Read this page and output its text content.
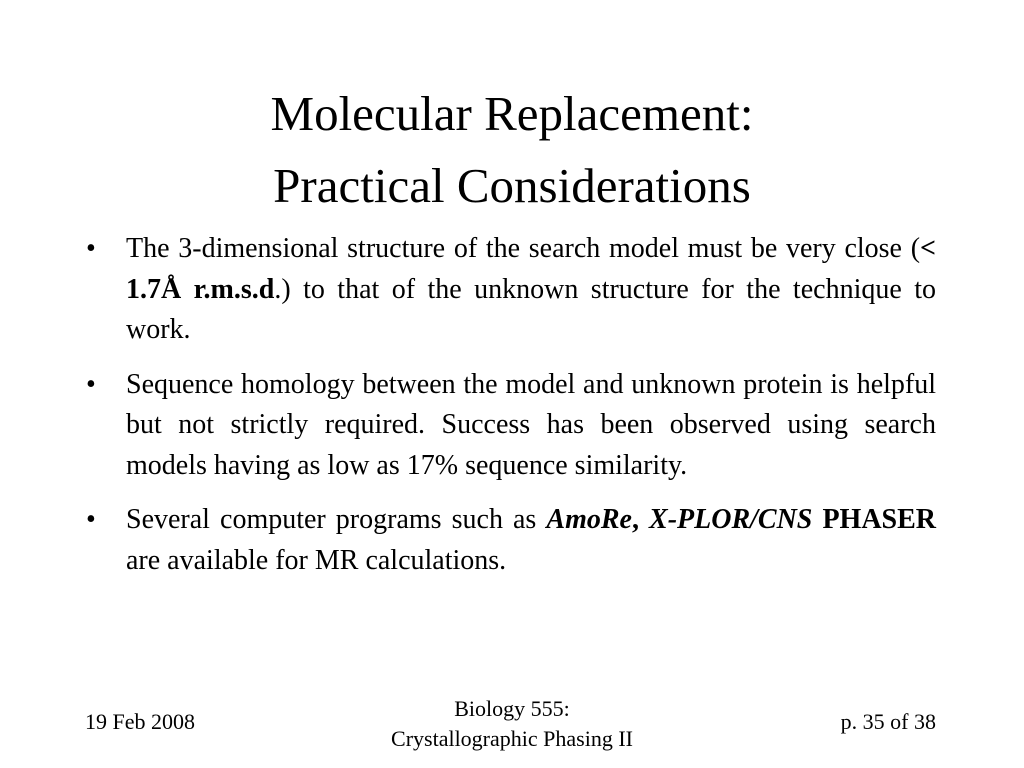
Molecular Replacement:
Practical Considerations
• The 3-dimensional structure of the search model must be very close (< 1.7Å r.m.s.d.) to that of the unknown structure for the technique to work.
• Sequence homology between the model and unknown protein is helpful but not strictly required. Success has been observed using search models having as low as 17% sequence similarity.
• Several computer programs such as AmoRe, X-PLOR/CNS PHASER are available for MR calculations.
19 Feb 2008
Biology 555:
Crystallographic Phasing II
p. 35 of 38
